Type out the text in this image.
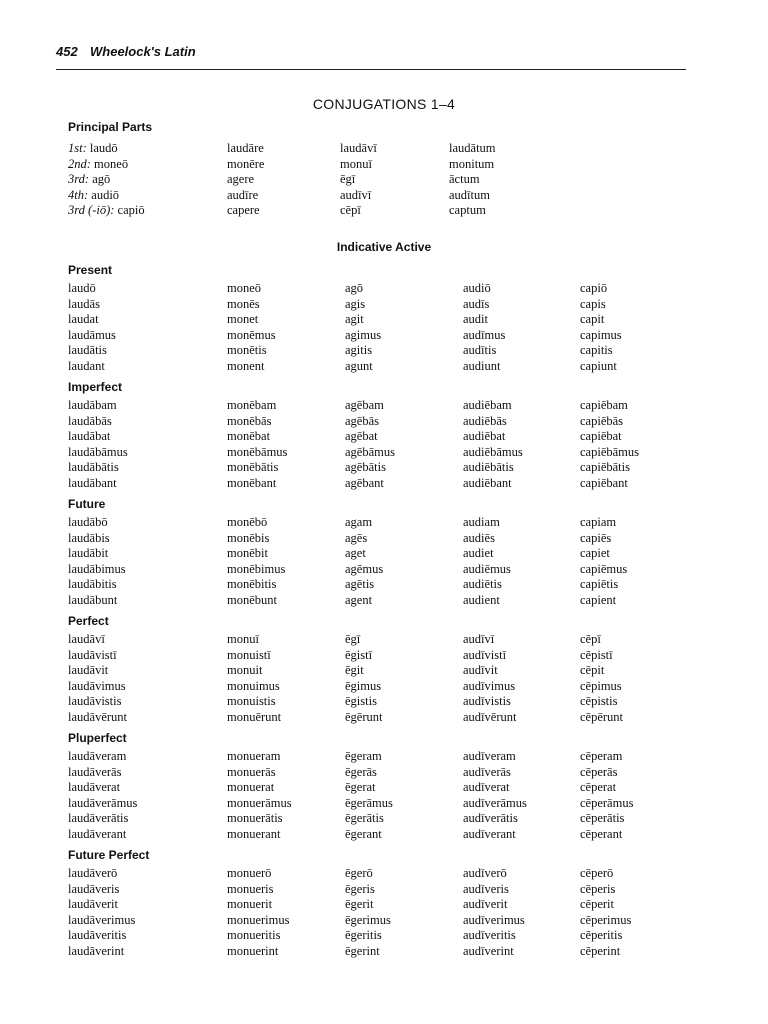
452 Wheelock's Latin
CONJUGATIONS 1–4
Principal Parts
1st: laudō	laudāre	laudāvī	laudātum
2nd: moneō	monēre	monuī	monitum
3rd: agō	agere	ēgī	āctum
4th: audiō	audīre	audīvī	audītum
3rd (-iō): capiō	capere	cēpī	captum
Indicative Active
Present
laudō	moneō	agō	audiō	capiō
laudās	monēs	agis	audīs	capis
laudat	monet	agit	audit	capit
laudāmus	monēmus	agimus	audīmus	capimus
laudātis	monētis	agitis	audītis	capitis
laudant	monent	agunt	audiunt	capiunt
Imperfect
laudābam	monēbam	agēbam	audiēbam	capiēbam
laudābās	monēbās	agēbās	audiēbās	capiēbās
laudābat	monēbat	agēbat	audiēbat	capiēbat
laudābāmus	monēbāmus	agēbāmus	audiēbāmus	capiēbāmus
laudābātis	monēbātis	agēbātis	audiēbātis	capiēbātis
laudābant	monēbant	agēbant	audiēbant	capiēbant
Future
laudābō	monēbō	agam	audiam	capiam
laudābis	monēbis	agēs	audiēs	capiēs
laudābit	monēbit	aget	audiet	capiet
laudābimus	monēbimus	agēmus	audiēmus	capiēmus
laudābitis	monēbitis	agētis	audiētis	capiētis
laudābunt	monēbunt	agent	audient	capient
Perfect
laudāvī	monuī	ēgī	audīvī	cēpī
laudāvistī	monuistī	ēgistī	audīvistī	cēpistī
laudāvit	monuit	ēgit	audīvit	cēpit
laudāvimus	monuimus	ēgimus	audīvimus	cēpimus
laudāvistis	monuistis	ēgistis	audīvistis	cēpistis
laudāvērunt	monuērunt	ēgērunt	audīvērunt	cēpērunt
Pluperfect
laudāveram	monueram	ēgeram	audīveram	cēperam
laudāverās	monuerās	ēgerās	audīverās	cēperās
laudāverat	monuerat	ēgerat	audīverat	cēperat
laudāverāmus	monuerāmus	ēgerāmus	audīverāmus	cēperāmus
laudāverātis	monuerātis	ēgerātis	audīverātis	cēperātis
laudāverant	monuerant	ēgerant	audīverant	cēperant
Future Perfect
laudāverō	monuerō	ēgerō	audīverō	cēperō
laudāveris	monueris	ēgeris	audīveris	cēperis
laudāverit	monuerit	ēgerit	audīverit	cēperit
laudāverimus	monuerimus	ēgerimus	audīverimus	cēperimus
laudāveritis	monueritis	ēgeritis	audīveritis	cēperitis
laudāverint	monuerint	ēgerint	audīverint	cēperint
